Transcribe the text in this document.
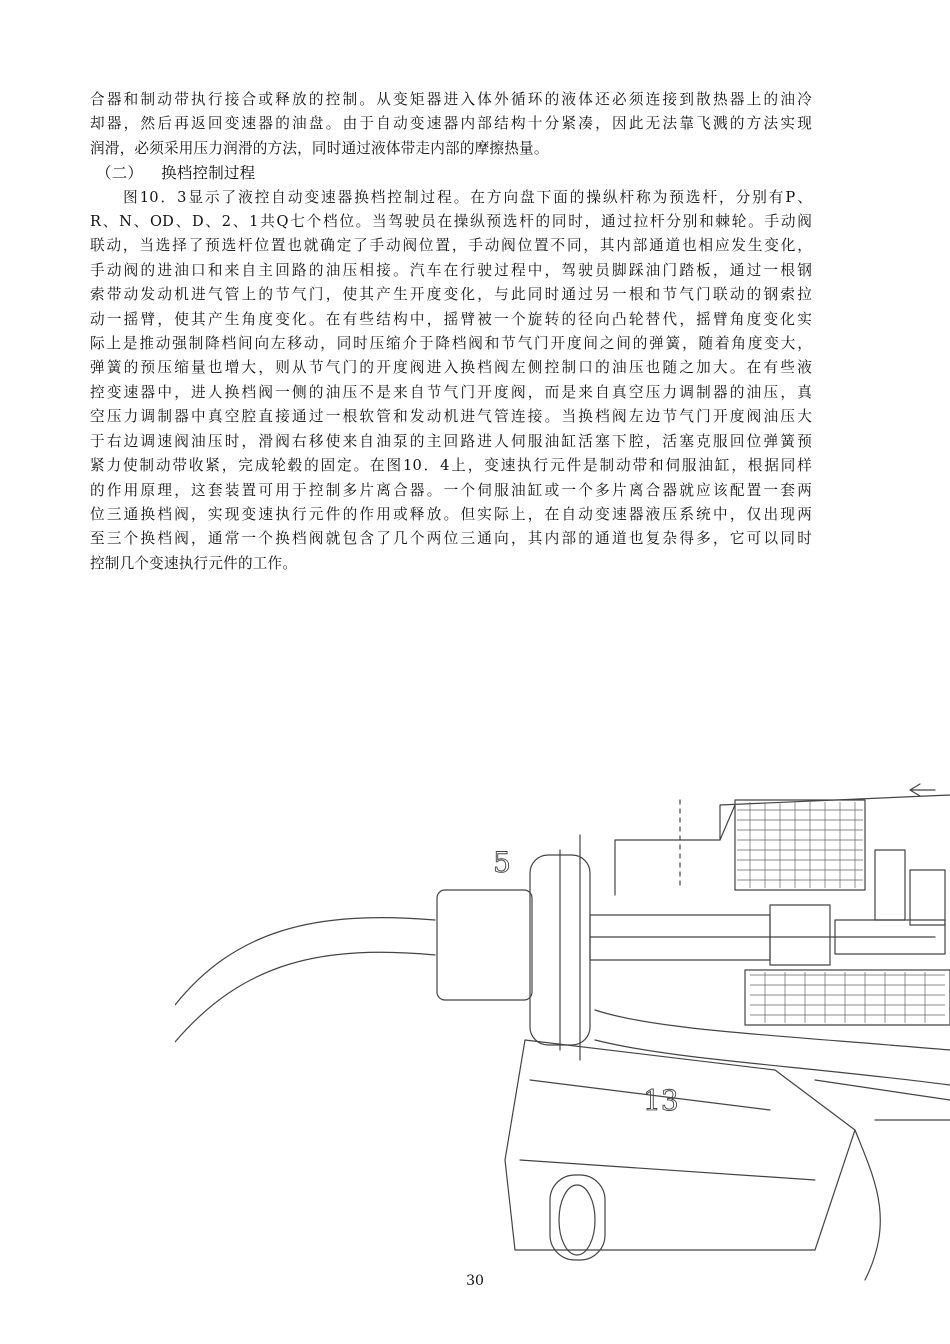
合器和制动带执行接合或释放的控制。从变矩器进入体外循环的液体还必须连接到散热器上的油冷
却器，然后再返回变速器的油盘。由于自动变速器内部结构十分紧凑，因此无法靠飞溅的方法实现
润滑，必须采用压力润滑的方法，同时通过液体带走内部的摩擦热量。
（二） 换档控制过程
　　图10．3显示了液控自动变速器换档控制过程。在方向盘下面的操纵杆称为预选杆，分别有P、
R、N、OD、D、2、1共Q七个档位。当驾驶员在操纵预选杆的同时，通过拉杆分别和棘轮。手动阀
联动，当选择了预选杆位置也就确定了手动阀位置，手动阀位置不同，其内部通道也相应发生变化，
手动阀的进油口和来自主回路的油压相接。汽车在行驶过程中，驾驶员脚踩油门踏板，通过一根钢
索带动发动机进气管上的节气门，使其产生开度变化，与此同时通过另一根和节气门联动的钢索拉
动一摇臂，使其产生角度变化。在有些结构中，摇臂被一个旋转的径向凸轮替代，摇臂角度变化实
际上是推动强制降档间向左移动，同时压缩介于降档阀和节气门开度间之间的弹簧，随着角度变大，
弹簧的预压缩量也增大，则从节气门的开度阀进入换档阀左侧控制口的油压也随之加大。在有些液
控变速器中，进人换档阀一侧的油压不是来自节气门开度阀，而是来自真空压力调制器的油压，真
空压力调制器中真空腔直接通过一根软管和发动机进气管连接。当换档阀左边节气门开度阀油压大
于右边调速阀油压时，滑阀右移使来自油泵的主回路进人伺服油缸活塞下腔，活塞克服回位弹簧预
紧力使制动带收紧，完成轮毂的固定。在图10．4上，变速执行元件是制动带和伺服油缸，根据同样
的作用原理，这套装置可用于控制多片离合器。一个伺服油缸或一个多片离合器就应该配置一套两
位三通换档阀，实现变速执行元件的作用或释放。但实际上，在自动变速器液压系统中，仅出现两
至三个换档阀，通常一个换档阀就包含了几个两位三通向，其内部的通道也复杂得多，它可以同时
控制几个变速执行元件的工作。
5
13
30
